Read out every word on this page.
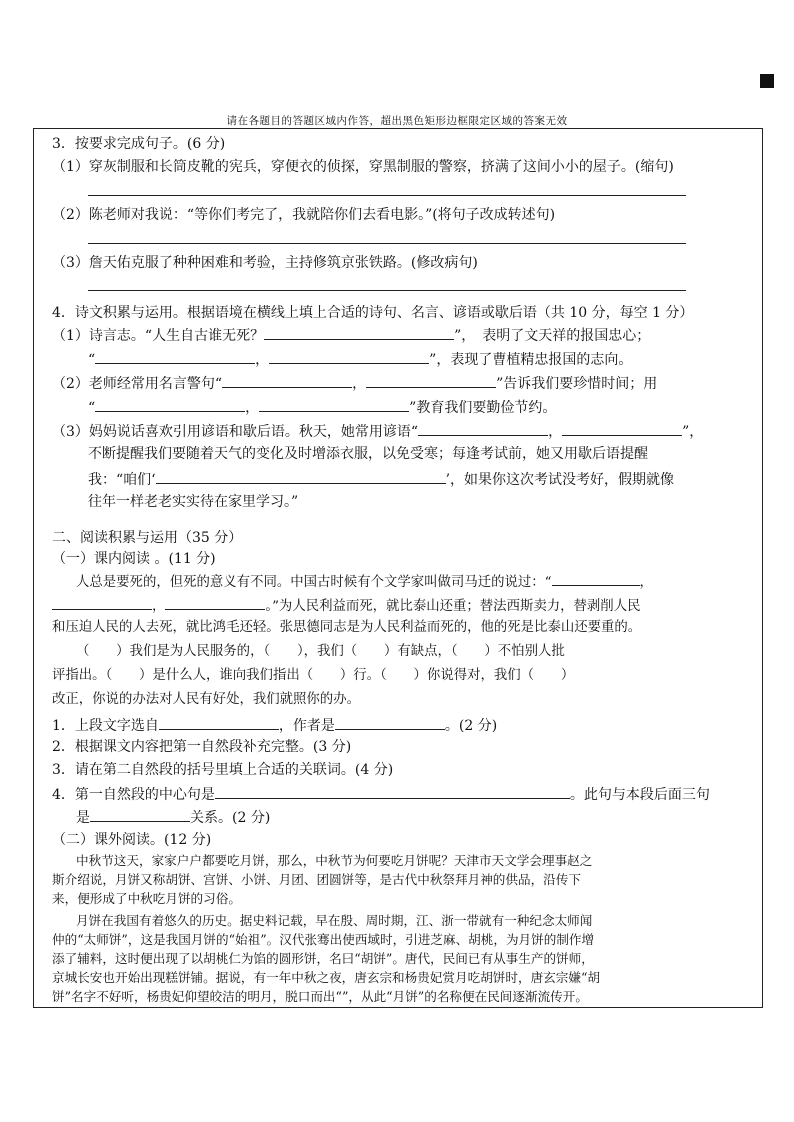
请在各题目的答题区域内作答，超出黑色矩形边框限定区域的答案无效
3．按要求完成句子。(6 分)
（1）穿灰制服和长筒皮靴的宪兵，穿便衣的侦探，穿黑制服的警察，挤满了这间小小的屋子。(缩句)
（2）陈老师对我说：“等你们考完了，我就陪你们去看电影。”(将句子改成转述句)
（3）詹天佑克服了种种困难和考验，主持修筑京张铁路。(修改病句)
4．诗文积累与运用。根据语境在横线上填上合适的诗句、名言、谚语或歇后语（共 10 分，每空 1 分）
（1）诗言志。“人生自古谁无死？	”，　表明了文天祥的报国忠心；
“	，	”，表现了曹植精忠报国的志向。
（2）老师经常用名言警句“	，	”告诉我们要珍惜时间；用
“	，	”教育我们要勤俭节约。
（3）妈妈说话喜欢引用谚语和歇后语。秋天，她常用谚语“	，	”，
不断提醒我们要随着天气的变化及时增添衣服，以免受寒；每逢考试前，她又用歇后语提醒
我：“咱们‘	’，如果你这次考试没考好，假期就像
往年一样老老实实待在家里学习。”
二、阅读积累与运用（35 分）
（一）课内阅读 。(11 分)
人总是要死的，但死的意义有不同。中国古时候有个文学家叫做司马迁的说过：“	，
，	。”为人民利益而死，就比泰山还重；替法西斯卖力，替剥削人民
和压迫人民的人去死，就比鸿毛还轻。张思德同志是为人民利益而死的，他的死是比泰山还要重的。
（　　）我们是为人民服务的，（　　），我们（　　）有缺点，（　　）不怕别人批
评指出。（　　）是什么人，谁向我们指出（　　）行。（　　）你说得对，我们（　　）
改正，你说的办法对人民有好处，我们就照你的办。
1．上段文字选自	，作者是	。(2 分)
2．根据课文内容把第一自然段补充完整。(3 分)
3．请在第二自然段的括号里填上合适的关联词。(4 分)
4．第一自然段的中心句是	。此句与本段后面三句
是	关系。(2 分)
（二）课外阅读。(12 分)
中秋节这天，家家户户都要吃月饼，那么，中秋节为何要吃月饼呢？天津市天文学会理事赵之
斯介绍说，月饼又称胡饼、宫饼、小饼、月团、团圆饼等，是古代中秋祭拜月神的供品，沿传下
来，便形成了中秋吃月饼的习俗。
月饼在我国有着悠久的历史。据史料记载，早在殷、周时期，江、浙一带就有一种纪念太师闻
仲的“太师饼”，这是我国月饼的“始祖”。汉代张骞出使西域时，引进芝麻、胡桃，为月饼的制作增
添了辅料，这时便出现了以胡桃仁为馅的圆形饼，名曰“胡饼”。唐代，民间已有从事生产的饼师，
京城长安也开始出现糕饼铺。据说，有一年中秋之夜，唐玄宗和杨贵妃赏月吃胡饼时，唐玄宗嫌“胡
饼”名字不好听，杨贵妃仰望皎洁的明月，脱口而出“”，从此“月饼”的名称便在民间逐渐流传开。
